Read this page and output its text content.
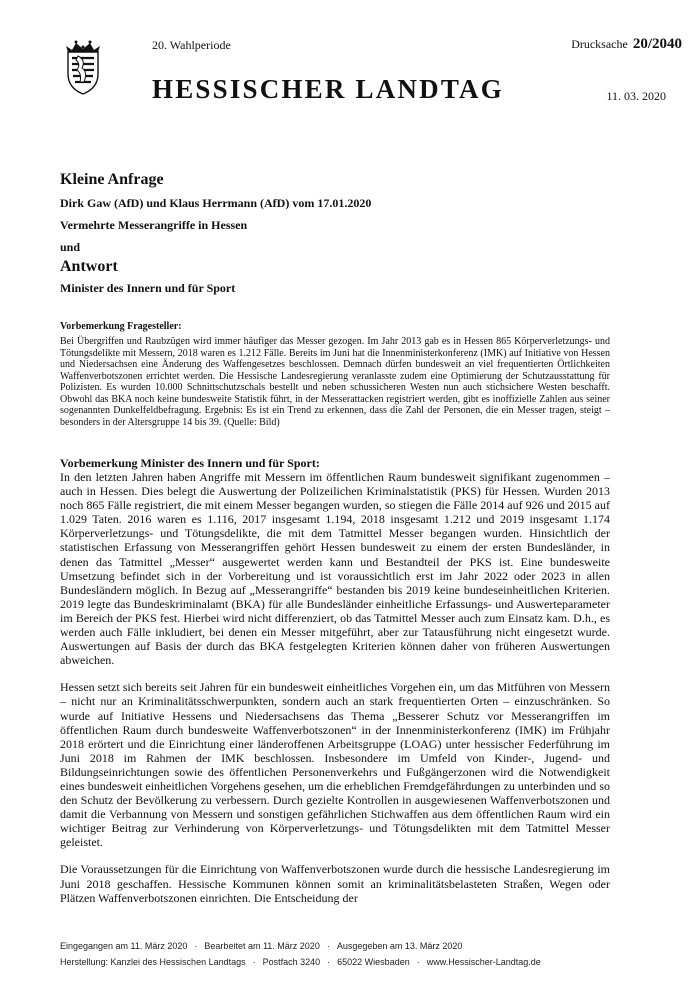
20. Wahlperiode	Drucksache 20/2040
HESSISCHER LANDTAG	11. 03. 2020
Kleine Anfrage
Dirk Gaw (AfD) und Klaus Herrmann (AfD) vom 17.01.2020
Vermehrte Messerangriffe in Hessen
und
Antwort
Minister des Innern und für Sport
Vorbemerkung Fragesteller:

Bei Übergriffen und Raubzügen wird immer häufiger das Messer gezogen. Im Jahr 2013 gab es in Hessen 865 Körperverletzungs- und Tötungsdelikte mit Messern, 2018 waren es 1.212 Fälle. Bereits im Juni hat die Innenministerkonferenz (IMK) auf Initiative von Hessen und Niedersachsen eine Änderung des Waffengesetzes beschlossen. Demnach dürfen bundesweit an viel frequentierten Örtlichkeiten Waffenverbotszonen errichtet werden. Die Hessische Landesregierung veranlasste zudem eine Optimierung der Schutzausstattung für Polizisten. Es wurden 10.000 Schnittschutzschals bestellt und neben schussicheren Westen nun auch stichsichere Westen beschafft. Obwohl das BKA noch keine bundesweite Statistik führt, in der Messerattacken registriert werden, gibt es inoffizielle Zahlen aus seiner sogenannten Dunkelfeldbefragung. Ergebnis: Es ist ein Trend zu erkennen, dass die Zahl der Personen, die ein Messer tragen, steigt – besonders in der Altersgruppe 14 bis 39. (Quelle: Bild)

Vorbemerkung Minister des Innern und für Sport:

In den letzten Jahren haben Angriffe mit Messern im öffentlichen Raum bundesweit signifikant zugenommen – auch in Hessen. Dies belegt die Auswertung der Polizeilichen Kriminalstatistik (PKS) für Hessen. Wurden 2013 noch 865 Fälle registriert, die mit einem Messer begangen wurden, so stiegen die Fälle 2014 auf 926 und 2015 auf 1.029 Taten. 2016 waren es 1.116, 2017 insgesamt 1.194, 2018 insgesamt 1.212 und 2019 insgesamt 1.174 Körperverletzungs- und Tötungsdelikte, die mit dem Tatmittel Messer begangen wurden. Hinsichtlich der statistischen Erfassung von Messerangriffen gehört Hessen bundesweit zu einem der ersten Bundesländer, in denen das Tatmittel „Messer“ ausgewertet werden kann und Bestandteil der PKS ist. Eine bundesweite Umsetzung befindet sich in der Vorbereitung und ist voraussichtlich erst im Jahr 2022 oder 2023 in allen Bundesländern möglich. In Bezug auf „Messerangriffe“ bestanden bis 2019 keine bundeseinheitlichen Kriterien. 2019 legte das Bundeskriminalamt (BKA) für alle Bundesländer einheitliche Erfassungs- und Auswerteparameter im Bereich der PKS fest. Hierbei wird nicht differenziert, ob das Tatmittel Messer auch zum Einsatz kam. D.h., es werden auch Fälle inkludiert, bei denen ein Messer mitgeführt, aber zur Tatausführung nicht eingesetzt wurde. Auswertungen auf Basis der durch das BKA festgelegten Kriterien können daher von früheren Auswertungen abweichen.

Hessen setzt sich bereits seit Jahren für ein bundesweit einheitliches Vorgehen ein, um das Mitführen von Messern – nicht nur an Kriminalitätsschwerpunkten, sondern auch an stark frequentierten Orten – einzuschränken. So wurde auf Initiative Hessens und Niedersachsens das Thema „Besserer Schutz vor Messerangriffen im öffentlichen Raum durch bundesweite Waffenverbotszonen“ in der Innenministerkonferenz (IMK) im Frühjahr 2018 erörtert und die Einrichtung einer länderoffenen Arbeitsgruppe (LOAG) unter hessischer Federführung im Juni 2018 im Rahmen der IMK beschlossen. Insbesondere im Umfeld von Kinder-, Jugend- und Bildungseinrichtungen sowie des öffentlichen Personenverkehrs und Fußgängerzonen wird die Notwendigkeit eines bundesweit einheitlichen Vorgehens gesehen, um die erheblichen Fremdgefährdungen zu unterbinden und so den Schutz der Bevölkerung zu verbessern. Durch gezielte Kontrollen in ausgewiesenen Waffenverbotszonen und damit die Verbannung von Messern und sonstigen gefährlichen Stichwaffen aus dem öffentlichen Raum wird ein wichtiger Beitrag zur Verhinderung von Körperverletzungs- und Tötungsdelikten mit dem Tatmittel Messer geleistet.

Die Voraussetzungen für die Einrichtung von Waffenverbotszonen wurde durch die hessische Landesregierung im Juni 2018 geschaffen. Hessische Kommunen können somit an kriminalitätsbelasteten Straßen, Wegen oder Plätzen Waffenverbotszonen einrichten. Die Entscheidung der

Eingegangen am 11. März 2020 · Bearbeitet am 11. März 2020 · Ausgegeben am 13. März 2020
Herstellung: Kanzlei des Hessischen Landtags · Postfach 3240 · 65022 Wiesbaden · www.Hessischer-Landtag.de
